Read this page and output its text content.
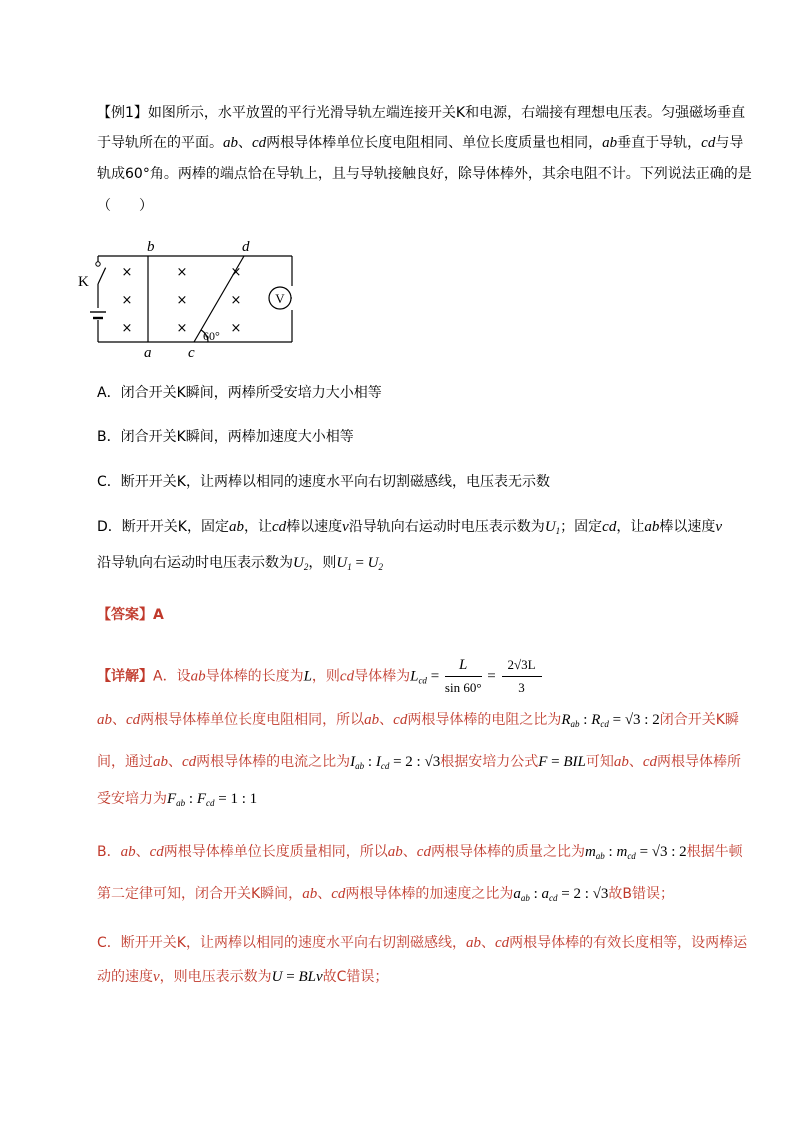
【例1】如图所示，水平放置的平行光滑导轨左端连接开关K和电源，右端接有理想电压表。匀强磁场垂直
于导轨所在的平面。ab、cd两根导体棒单位长度电阻相同、单位长度质量也相同，ab垂直于导轨，cd与导
轨成60°角。两棒的端点恰在导轨上，且与导轨接触良好，除导体棒外，其余电阻不计。下列说法正确的是
（　　）
V
×
×
×
×
×
×
×
×
×
b	d
a c
K
60°
A．闭合开关K瞬间，两棒所受安培力大小相等
B．闭合开关K瞬间，两棒加速度大小相等
C．断开开关K，让两棒以相同的速度水平向右切割磁感线，电压表无示数
D．断开开关K，固定ab，让cd棒以速度v沿导轨向右运动时电压表示数为$U_1$；固定cd，让ab棒以速度v
沿导轨向右运动时电压表示数为$U_2$，则$U_1 = U_2$
【答案】A
【详解】A．设ab导体棒的长度为L，则cd导体棒为$L_{cd} = \frac{L}{\sin 60^\circ} = \frac{2√3L}{3}$
ab、cd两根导体棒单位长度电阻相同，所以ab、cd两根导体棒的电阻之比为$R_{ab}$ : $R_{cd} = √3$ : 2闭合开关K瞬
间，通过ab、cd两根导体棒的电流之比为$I_{ab}$ : $I_{cd} = 2$ : √3根据安培力公式F = BIL可知ab、cd两根导体棒所
受安培力为$F_{ab}$ : $F_{cd} = 1$ : 1
B．ab、cd两根导体棒单位长度质量相同，所以ab、cd两根导体棒的质量之比为$m_{ab}$ : $m_{cd} = √3$ : 2根据牛顿
第二定律可知，闭合开关K瞬间，ab、cd两根导体棒的加速度之比为$a_{ab}$ : $a_{cd} = 2$ : √3故B错误；
C．断开开关K，让两棒以相同的速度水平向右切割磁感线，ab、cd两根导体棒的有效长度相等，设两棒运
动的速度v，则电压表示数为U = BLv故C错误；
